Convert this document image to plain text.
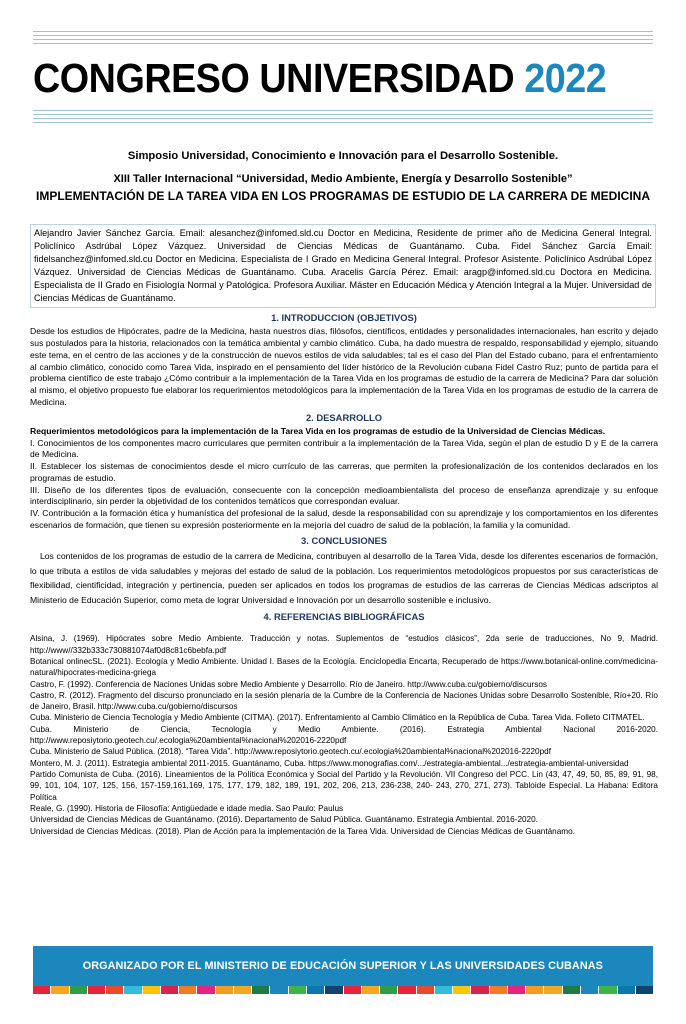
CONGRESO UNIVERSIDAD 2022

Simposio Universidad, Conocimiento e Innovación para el Desarrollo Sostenible.

XIII Taller Internacional “Universidad, Medio Ambiente, Energía y Desarrollo Sostenible”

IMPLEMENTACIÓN DE LA TAREA VIDA EN LOS PROGRAMAS DE ESTUDIO DE LA CARRERA DE MEDICINA

Alejandro Javier Sánchez García. Email: alesanchez@infomed.sld.cu Doctor en Medicina, Residente de primer año de Medicina General Integral. Policlínico Asdrúbal López Vázquez. Universidad de Ciencias Médicas de Guantánamo. Cuba. Fidel Sánchez García Email: fidelsanchez@infomed.sld.cu Doctor en Medicina. Especialista de I Grado en Medicina General Integral. Profesor Asistente. Policlínico Asdrúbal López Vázquez. Universidad de Ciencias Médicas de Guantánamo. Cuba. Aracelis García Pérez. Email: aragp@infomed.sld.cu Doctora en Medicina. Especialista de II Grado en Fisiología Normal y Patológica. Profesora Auxiliar. Máster en Educación Médica y Atención Integral a la Mujer. Universidad de Ciencias Médicas de Guantánamo.
1. INTRODUCCION (OBJETIVOS)

Desde los estudios de Hipócrates, padre de la Medicina, hasta nuestros días, filósofos, científicos, entidades y personalidades internacionales, han escrito y dejado sus postulados para la historia, relacionados con la temática ambiental y cambio climático. Cuba, ha dado muestra de respaldo, responsabilidad y ejemplo, situando este tema, en el centro de las acciones y de la construcción de nuevos estilos de vida saludables; tal es el caso del Plan del Estado cubano, para el enfrentamiento al cambio climático, conocido como Tarea Vida, inspirado en el pensamiento del líder histórico de la Revolución cubana Fidel Castro Ruz; punto de partida para el problema científico de este trabajo ¿Cómo contribuir a la implementación de la Tarea Vida en los programas de estudio de la carrera de Medicina? Para dar solución al mismo, el objetivo propuesto fue elaborar los requerimientos metodológicos para la implementación de la Tarea Vida en los programas de estudio de la carrera de Medicina.

2. DESARROLLO

Requerimientos metodológicos para la implementación de la Tarea Vida en los programas de estudio de la Universidad de Ciencias Médicas.

I. Conocimientos de los componentes macro curriculares que permiten contribuir a la implementación de la Tarea Vida, según el plan de estudio D y E de la carrera de Medicina.

II. Establecer los sistemas de conocimientos desde el micro currículo de las carreras, que permiten la profesionalización de los contenidos declarados en los programas de estudio.

III. Diseño de los diferentes tipos de evaluación, consecuente con la concepción medioambientalista del proceso de enseñanza aprendizaje y su enfoque interdisciplinario, sin perder la objetividad de los contenidos temáticos que correspondan evaluar.

IV. Contribución a la formación ética y humanística del profesional de la salud, desde la responsabilidad con su aprendizaje y los comportamientos en los diferentes escenarios de formación, que tienen su expresión posteriormente en la mejoría del cuadro de salud de la población, la familia y la comunidad.

3. CONCLUSIONES

Los contenidos de los programas de estudio de la carrera de Medicina, contribuyen al desarrollo de la Tarea Vida, desde los diferentes escenarios de formación, lo que tributa a estilos de vida saludables y mejoras del estado de salud de la población. Los requerimientos metodológicos propuestos por sus características de flexibilidad, cientificidad, integración y pertinencia, pueden ser aplicados en todos los programas de estudios de las carreras de Ciencias Médicas adscriptos al Ministerio de Educación Superior, como meta de lograr Universidad e Innovación por un desarrollo sostenible e inclusivo.

4. REFERENCIAS BIBLIOGRÁFICAS

Alsina, J. (1969). Hipócrates sobre Medio Ambiente. Traducción y notas. Suplementos de “estudios clásicos”, 2da serie de traducciones, No 9, Madrid. http://www//332b333c730881074af0d8c81c6bebfa.pdf

Botanical onlinecSL. (2021). Ecología y Medio Ambiente. Unidad I. Bases de la Ecología. Enciclopedia Encarta, Recuperado de https://www.botanical-online.com/medicina-natural/hipocrates-medicina-griega

Castro, F. (1992). Conferencia de Naciones Unidas sobre Medio Ambiente y Desarrollo. Río de Janeiro. http://www.cuba.cu/gobierno/discursos

Castro, R. (2012). Fragmento del discurso pronunciado en la sesión plenaria de la Cumbre de la Conferencia de Naciones Unidas sobre Desarrollo Sostenible, Río+20. Río de Janeiro, Brasil. http://www.cuba.cu/gobierno/discursos

Cuba. Ministerio de Ciencia Tecnología y Medio Ambiente (CITMA). (2017). Enfrentamiento al Cambio Climático en la República de Cuba. Tarea Vida. Folleto CITMATEL.

Cuba. Ministerio de Ciencia, Tecnología y Medio Ambiente. (2016). Estrategia Ambiental Nacional 2016-2020. http://www.reposiytorio.geotech.cu/.ecologia%20ambiental%nacional%202016-2220pdf

Cuba. Ministerio de Salud Pública. (2018). “Tarea Vida”. http://www.reposiytorio.geotech.cu/.ecologia%20ambiental%nacional%202016-2220pdf

Montero, M. J. (2011). Estrategia ambiental 2011-2015. Guantánamo, Cuba. https://www.monografias.com/.../estrategia-ambiental.../estrategia-ambiental-universidad

Partido Comunista de Cuba. (2016). Lineamientos de la Política Económica y Social del Partido y la Revolución. VII Congreso del PCC. Lin (43, 47, 49, 50, 85, 89, 91, 98, 99, 101, 104, 107, 125, 156, 157-159,161,169, 175, 177, 179, 182, 189, 191, 202, 206, 213, 236-238, 240- 243, 270, 271, 273). Tabloide Especial. La Habana: Editora Política

Reale, G. (1990). Historia de Filosofía: Antigüedade e idade media. Sao Paulo: Paulus

Universidad de Ciencias Médicas de Guantánamo. (2016). Departamento de Salud Pública. Guantánamo. Estrategia Ambiental. 2016-2020.

Universidad de Ciencias Médicas. (2018). Plan de Acción para la implementación de la Tarea Vida. Universidad de Ciencias Médicas de Guantánamo.

ORGANIZADO POR EL MINISTERIO DE EDUCACIÓN SUPERIOR Y LAS UNIVERSIDADES CUBANAS
